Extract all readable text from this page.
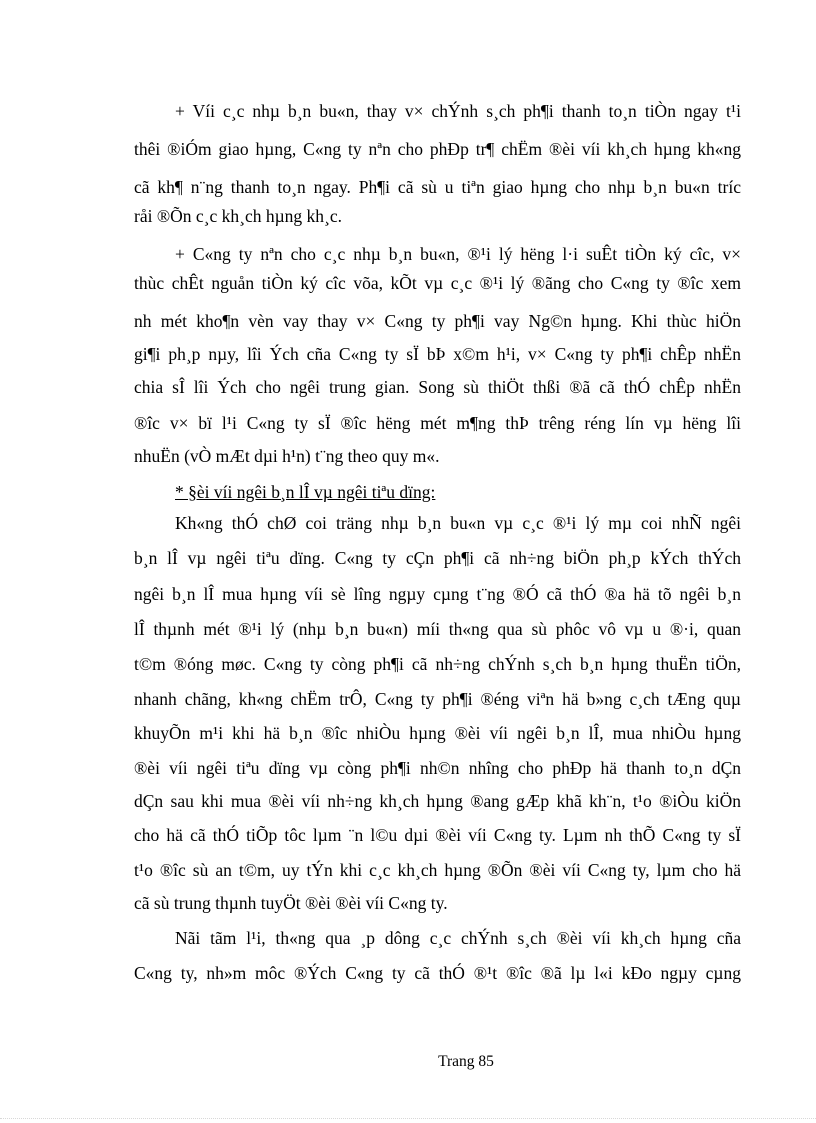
+ Víi c¸c nhµ b¸n bu«n, thay v× chÝnh s¸ch ph¶i thanh to¸n tiÒn ngay t¹i
thêi ®iÓm giao hµng, C«ng ty nªn cho phÐp tr¶ chËm ®èi víi kh¸ch hµng kh«ng
cã kh¶ n¨ng thanh to¸n ngay. Ph¶i cã sù u tiªn giao hµng cho nhµ b¸n bu«n tríc
råi ®Õn c¸c kh¸ch hµng kh¸c.
+ C«ng ty nªn cho c¸c nhµ b¸n bu«n, ®¹i lý hëng l·i suÊt tiÒn ký cîc, v×
thùc chÊt nguån tiÒn ký cîc võa, kÕt vµ c¸c ®¹i lý ®ãng cho C«ng ty ®îc xem
nh mét kho¶n vèn vay thay v× C«ng ty ph¶i vay Ng©n hµng. Khi thùc hiÖn
gi¶i ph¸p nµy, lîi Ých cña C«ng ty sÏ bÞ x©m h¹i, v× C«ng ty ph¶i chÊp nhËn
chia sÎ lîi Ých cho ngêi trung gian. Song sù thiÖt thßi ®ã cã thÓ chÊp nhËn
®îc v× bï l¹i C«ng ty sÏ ®îc hëng mét m¶ng thÞ trêng réng lín vµ hëng lîi
nhuËn (vÒ mÆt dµi h¹n) t¨ng theo quy m«.
* §èi víi ngêi b¸n lÎ vµ ngêi tiªu dïng:
Kh«ng thÓ chØ coi träng nhµ b¸n bu«n vµ c¸c ®¹i lý mµ coi nhÑ ngêi
b¸n lÎ vµ ngêi tiªu dïng. C«ng ty cÇn ph¶i cã nh÷ng biÖn ph¸p kÝch thÝch
ngêi b¸n lÎ mua hµng víi sè lîng ngµy cµng t¨ng ®Ó cã thÓ ®a hä tõ ngêi b¸n
lÎ thµnh mét ®¹i lý (nhµ b¸n bu«n) míi th«ng qua sù phôc vô vµ u ®·i, quan
t©m ®óng møc. C«ng ty còng ph¶i cã nh÷ng chÝnh s¸ch b¸n hµng thuËn tiÖn,
nhanh chãng, kh«ng chËm trÔ, C«ng ty ph¶i ®éng viªn hä b»ng c¸ch tÆng quµ
khuyÕn m¹i khi hä b¸n ®îc nhiÒu hµng ®èi víi ngêi b¸n lÎ, mua nhiÒu hµng
®èi víi ngêi tiªu dïng vµ còng ph¶i nh©n nhîng cho phÐp hä thanh to¸n dÇn
dÇn sau khi mua ®èi víi nh÷ng kh¸ch hµng ®ang gÆp khã kh¨n, t¹o ®iÒu kiÖn
cho hä cã thÓ tiÕp tôc lµm ¨n l©u dµi ®èi víi C«ng ty. Lµm nh thÕ C«ng ty sÏ
t¹o ®îc sù an t©m, uy tÝn khi c¸c kh¸ch hµng ®Õn ®èi víi C«ng ty, lµm cho hä
cã sù trung thµnh tuyÖt ®èi ®èi víi C«ng ty.
Nãi tãm l¹i, th«ng qua ¸p dông c¸c chÝnh s¸ch ®èi víi kh¸ch hµng cña
C«ng ty, nh»m môc ®Ých C«ng ty cã thÓ ®¹t ®îc ®ã lµ l«i kÐo ngµy cµng
Trang 85
